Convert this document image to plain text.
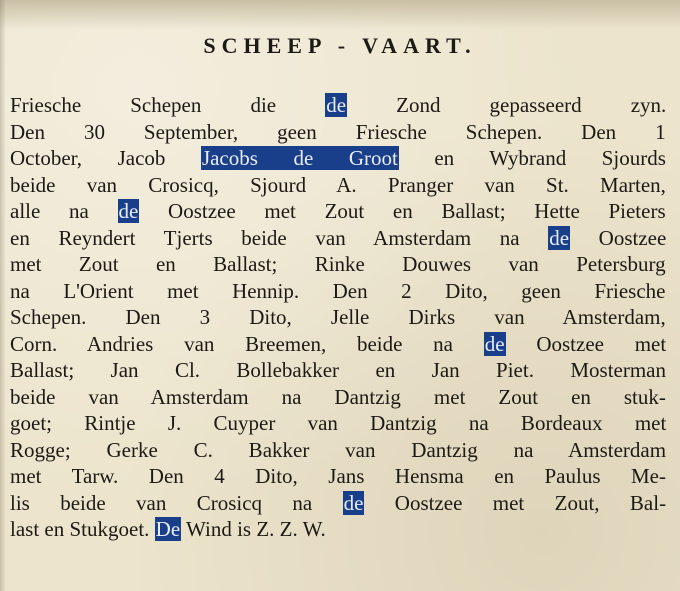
SCHEEP - VAART.
Friesche Schepen die de Zond gepasseerd zyn.
Den 30 September, geen Friesche Schepen. Den 1
October, Jacob Jacobs de Groot en Wybrand Sjourds
beide van Crosicq, Sjourd A. Pranger van St. Marten,
alle na de Oostzee met Zout en Ballast; Hette Pieters
en Reyndert Tjerts beide van Amsterdam na de Oostzee
met Zout en Ballast; Rinke Douwes van Petersburg
na L'Orient met Hennip. Den 2 Dito, geen Friesche
Schepen. Den 3 Dito, Jelle Dirks van Amsterdam,
Corn. Andries van Breemen, beide na de Oostzee met
Ballast; Jan Cl. Bollebakker en Jan Piet. Mosterman
beide van Amsterdam na Dantzig met Zout en stuk-
goet; Rintje J. Cuyper van Dantzig na Bordeaux met
Rogge; Gerke C. Bakker van Dantzig na Amsterdam
met Tarw. Den 4 Dito, Jans Hensma en Paulus Me-
lis beide van Crosicq na de Oostzee met Zout, Bal-
last en Stukgoet. De Wind is Z. Z. W.
